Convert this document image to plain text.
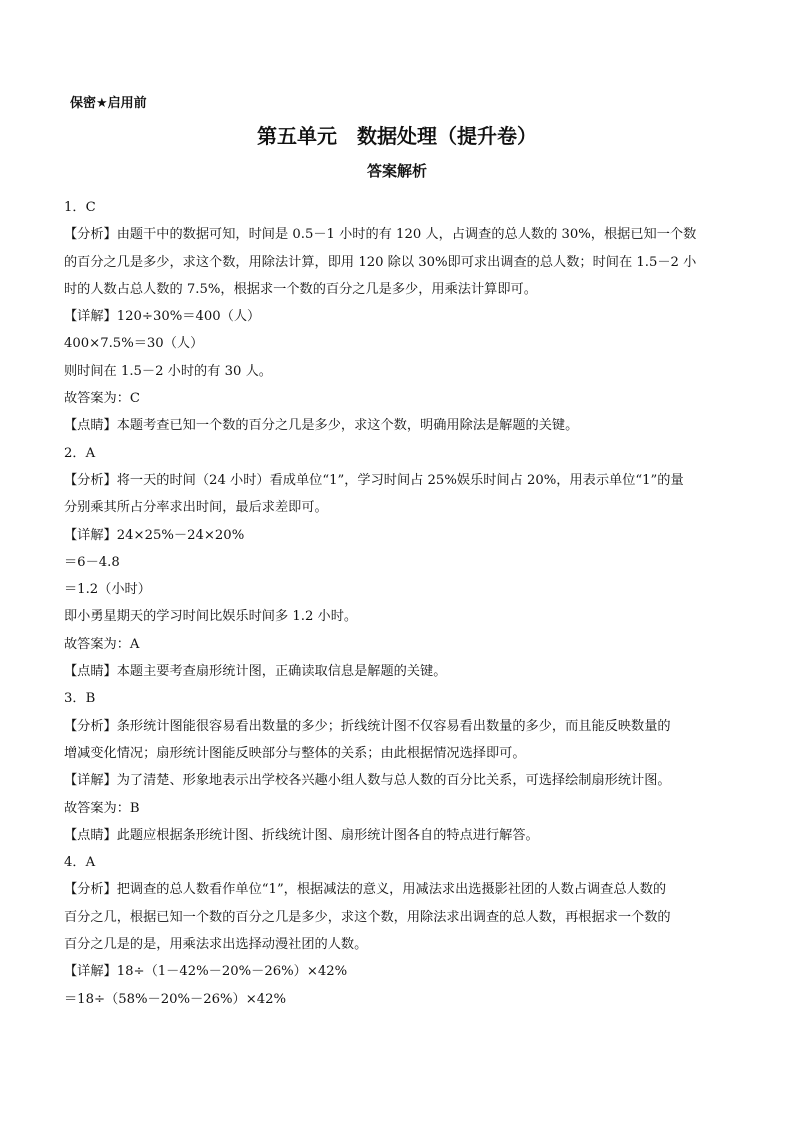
保密★启用前
第五单元　数据处理（提升卷）
答案解析
1．C
【分析】由题干中的数据可知，时间是 0.5－1 小时的有 120 人，占调查的总人数的 30%，根据已知一个数
的百分之几是多少，求这个数，用除法计算，即用 120 除以 30%即可求出调查的总人数；时间在 1.5－2 小
时的人数占总人数的 7.5%，根据求一个数的百分之几是多少，用乘法计算即可。
【详解】120÷30%＝400（人）
400×7.5%＝30（人）
则时间在 1.5－2 小时的有 30 人。
故答案为：C
【点睛】本题考查已知一个数的百分之几是多少，求这个数，明确用除法是解题的关键。
2．A
【分析】将一天的时间（24 小时）看成单位“1”，学习时间占 25%娱乐时间占 20%，用表示单位“1”的量
分别乘其所占分率求出时间，最后求差即可。
【详解】24×25%－24×20%
＝6－4.8
＝1.2（小时）
即小勇星期天的学习时间比娱乐时间多 1.2 小时。
故答案为：A
【点睛】本题主要考查扇形统计图，正确读取信息是解题的关键。
3．B
【分析】条形统计图能很容易看出数量的多少；折线统计图不仅容易看出数量的多少，而且能反映数量的
增减变化情况；扇形统计图能反映部分与整体的关系；由此根据情况选择即可。
【详解】为了清楚、形象地表示出学校各兴趣小组人数与总人数的百分比关系，可选择绘制扇形统计图。
故答案为：B
【点睛】此题应根据条形统计图、折线统计图、扇形统计图各自的特点进行解答。
4．A
【分析】把调查的总人数看作单位“1”，根据减法的意义，用减法求出选摄影社团的人数占调查总人数的
百分之几，根据已知一个数的百分之几是多少，求这个数，用除法求出调查的总人数，再根据求一个数的
百分之几是的是，用乘法求出选择动漫社团的人数。
【详解】18÷（1－42%－20%－26%）×42%
＝18÷（58%－20%－26%）×42%
